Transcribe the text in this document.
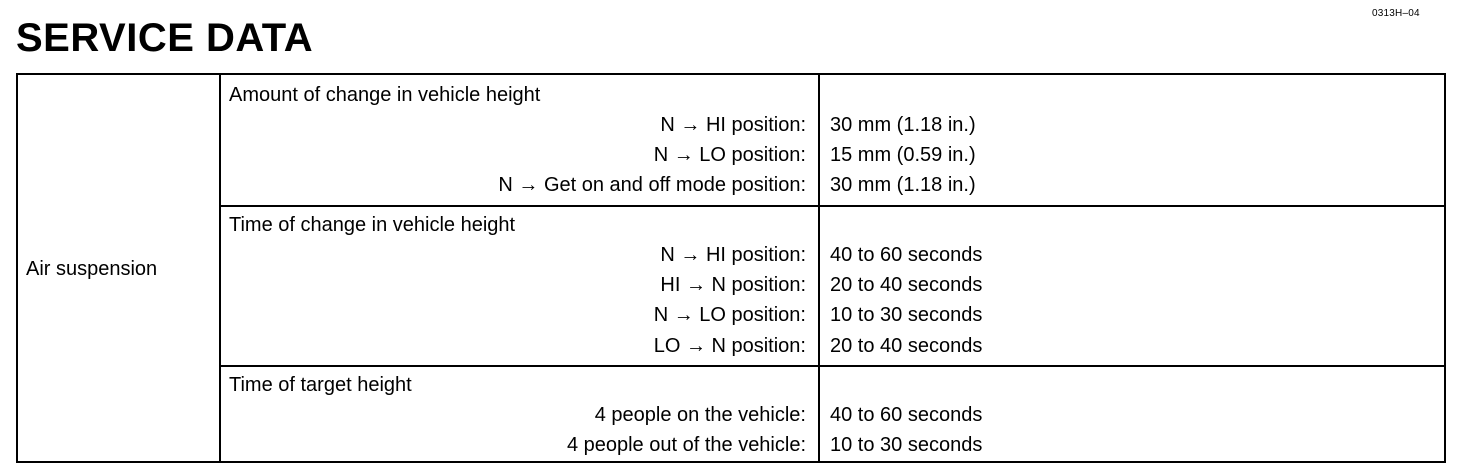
0313H–04
SERVICE DATA
Air suspension
Amount of change in vehicle height
N → HI position: 30 mm (1.18 in.)
N → LO position: 15 mm (0.59 in.)
N → Get on and off mode position: 30 mm (1.18 in.)
Time of change in vehicle height
N → HI position: 40 to 60 seconds
HI → N position: 20 to 40 seconds
N → LO position: 10 to 30 seconds
LO → N position: 20 to 40 seconds
Time of target height
4 people on the vehicle: 40 to 60 seconds
4 people out of the vehicle: 10 to 30 seconds
